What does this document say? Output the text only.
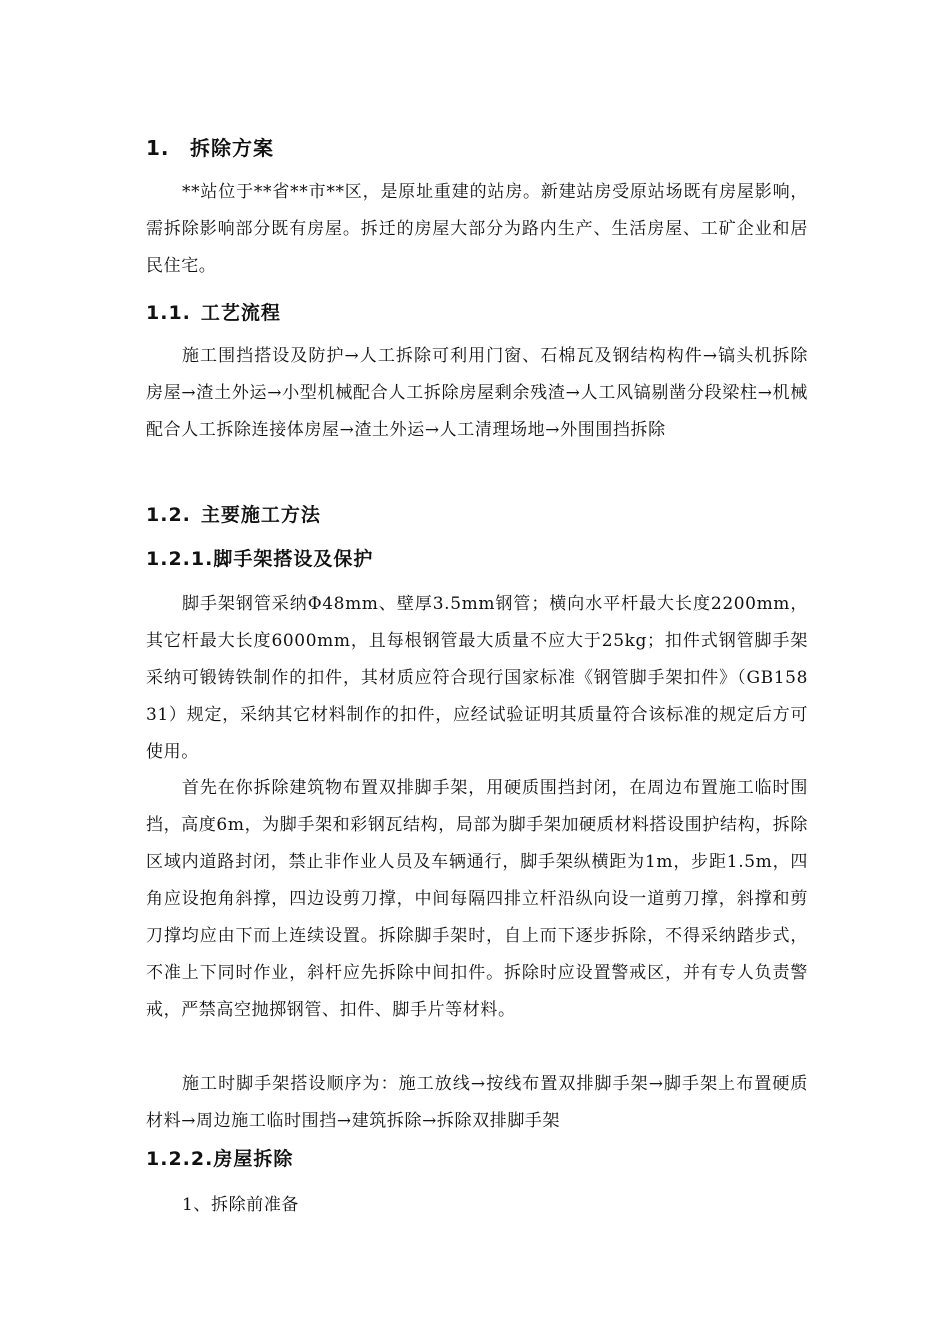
1. 拆除方案
**站位于**省**市**区，是原址重建的站房。新建站房受原站场既有房屋影响，需拆除影响部分既有房屋。拆迁的房屋大部分为路内生产、生活房屋、工矿企业和居民住宅。
1.1. 工艺流程
施工围挡搭设及防护→人工拆除可利用门窗、石棉瓦及钢结构构件→镐头机拆除房屋→渣土外运→小型机械配合人工拆除房屋剩余残渣→人工风镐剔凿分段梁柱→机械配合人工拆除连接体房屋→渣土外运→人工清理场地→外围围挡拆除
1.2. 主要施工方法
1.2.1.脚手架搭设及保护
脚手架钢管采纳Φ48mm、壁厚3.5mm钢管；横向水平杆最大长度2200mm，其它杆最大长度6000mm，且每根钢管最大质量不应大于25kg；扣件式钢管脚手架采纳可锻铸铁制作的扣件，其材质应符合现行国家标准《钢管脚手架扣件》（GB15831）规定，采纳其它材料制作的扣件，应经试验证明其质量符合该标准的规定后方可使用。
首先在你拆除建筑物布置双排脚手架，用硬质围挡封闭，在周边布置施工临时围挡，高度6m，为脚手架和彩钢瓦结构，局部为脚手架加硬质材料搭设围护结构，拆除区域内道路封闭，禁止非作业人员及车辆通行，脚手架纵横距为1m，步距1.5m，四角应设抱角斜撑，四边设剪刀撑，中间每隔四排立杆沿纵向设一道剪刀撑，斜撑和剪刀撑均应由下而上连续设置。拆除脚手架时，自上而下逐步拆除，不得采纳踏步式，不准上下同时作业，斜杆应先拆除中间扣件。拆除时应设置警戒区，并有专人负责警戒，严禁高空抛掷钢管、扣件、脚手片等材料。
施工时脚手架搭设顺序为：施工放线→按线布置双排脚手架→脚手架上布置硬质材料→周边施工临时围挡→建筑拆除→拆除双排脚手架
1.2.2.房屋拆除
1、拆除前准备
